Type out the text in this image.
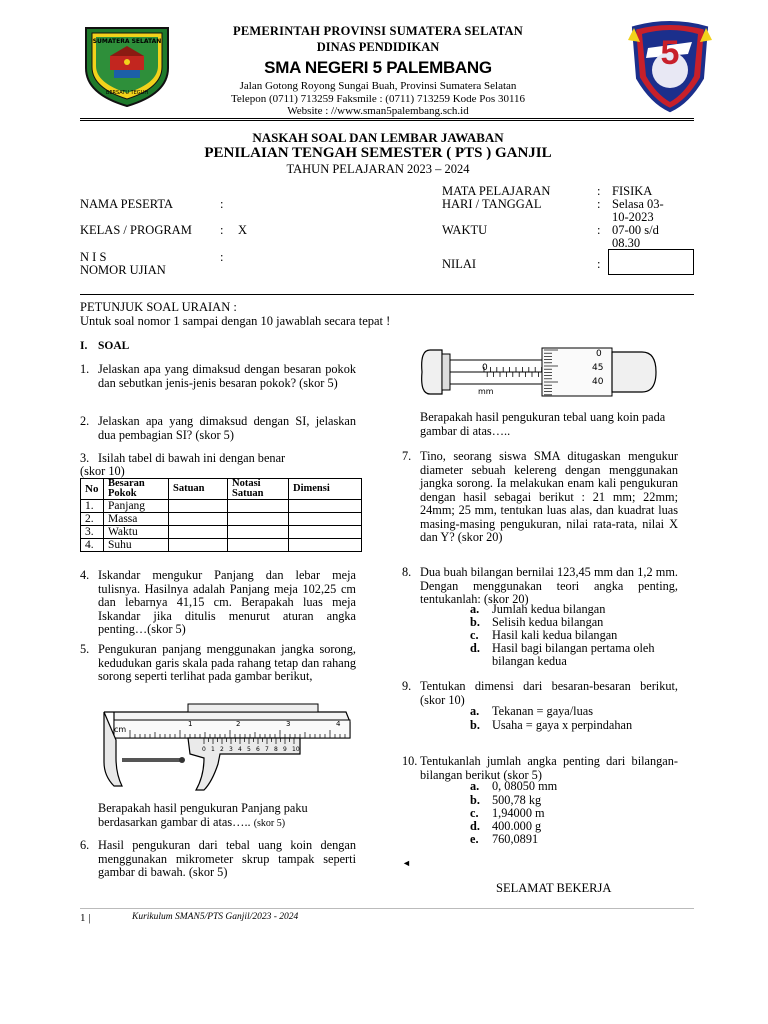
SUMATERA SELATAN
BERSATU TEGUH
5
PEMERINTAH PROVINSI SUMATERA SELATAN
DINAS PENDIDIKAN
SMA NEGERI 5 PALEMBANG
Jalan Gotong Royong Sungai Buah, Provinsi Sumatera Selatan
Telepon (0711) 713259 Faksmile : (0711) 713259 Kode Pos 30116
Website : //www.sman5palembang.sch.id
NASKAH SOAL DAN LEMBAR JAWABAN
PENILAIAN TENGAH SEMESTER ( PTS ) GANJIL
TAHUN PELAJARAN 2023 – 2024
NAMA PESERTA	:
KELAS / PROGRAM : X
N I S	:
NOMOR UJIAN
MATA PELAJARAN	: FISIKA
HARI / TANGGAL	: Selasa 03-
10-2023
WAKTU	: 07-00 s/d
08.30
NILAI	:
PETUNJUK SOAL URAIAN :
Untuk soal nomor 1 sampai dengan 10 jawablah secara tepat !
I. SOAL
1. Jelaskan apa yang dimaksud dengan besaran pokok dan sebutkan jenis-jenis besaran pokok? (skor 5)
2. Jelaskan apa yang dimaksud dengan SI, jelaskan dua pembagian SI? (skor 5)
3. Isilah tabel di bawah ini dengan benar
(skor 10)
No	Besaran Pokok	Satuan	Notasi Satuan	Dimensi
1.	Panjang			
2.	Massa			
3.	Waktu			
4.	Suhu			
4. Iskandar mengukur Panjang dan lebar meja tulisnya. Hasilnya adalah Panjang meja 102,25 cm dan lebarnya 41,15 cm. Berapakah luas meja Iskandar jika ditulis menurut aturan angka penting…(skor 5)
5. Pengukuran panjang menggunakan jangka sorong, kedudukan garis skala pada rahang tetap dan rahang sorong seperti terlihat pada gambar berikut,
cm
1	2	3	4
0 1 2 3 4 5 6 7 8 9 10
Berapakah hasil pengukuran Panjang paku berdasarkan gambar di atas….. (skor 5)
6. Hasil pengukuran dari tebal uang koin dengan menggunakan mikrometer skrup tampak seperti gambar di bawah. (skor 5)
0
mm
0
45
40
Berapakah hasil pengukuran tebal uang koin pada gambar di atas…..
7. Tino, seorang siswa SMA ditugaskan mengukur diameter sebuah kelereng dengan menggunakan jangka sorong. Ia melakukan enam kali pengukuran dengan hasil sebagai berikut : 21 mm; 22mm; 24mm; 25 mm, tentukan luas alas, dan kuadrat luas masing-masing pengukuran, nilai rata-rata, nilai X dan Y? (skor 20)
8. Dua buah bilangan bernilai 123,45 mm dan 1,2 mm. Dengan menggunakan teori angka penting, tentukanlah: (skor 20)
a. Jumlah kedua bilangan
b. Selisih kedua bilangan
c. Hasil kali kedua bilangan
d. Hasil bagi bilangan pertama oleh
bilangan kedua
9. Tentukan dimensi dari besaran-besaran berikut, (skor 10)
a. Tekanan = gaya/luas
b. Usaha = gaya x perpindahan
10. Tentukanlah jumlah angka penting dari bilangan-bilangan berikut (skor 5)
a. 0, 08050 mm
b. 500,78 kg
c. 1,94000 m
d. 400.000 g
e. 760,0891
◄
SELAMAT BEKERJA
1 |	Kurikulum SMAN5/PTS Ganjil/2023 - 2024
